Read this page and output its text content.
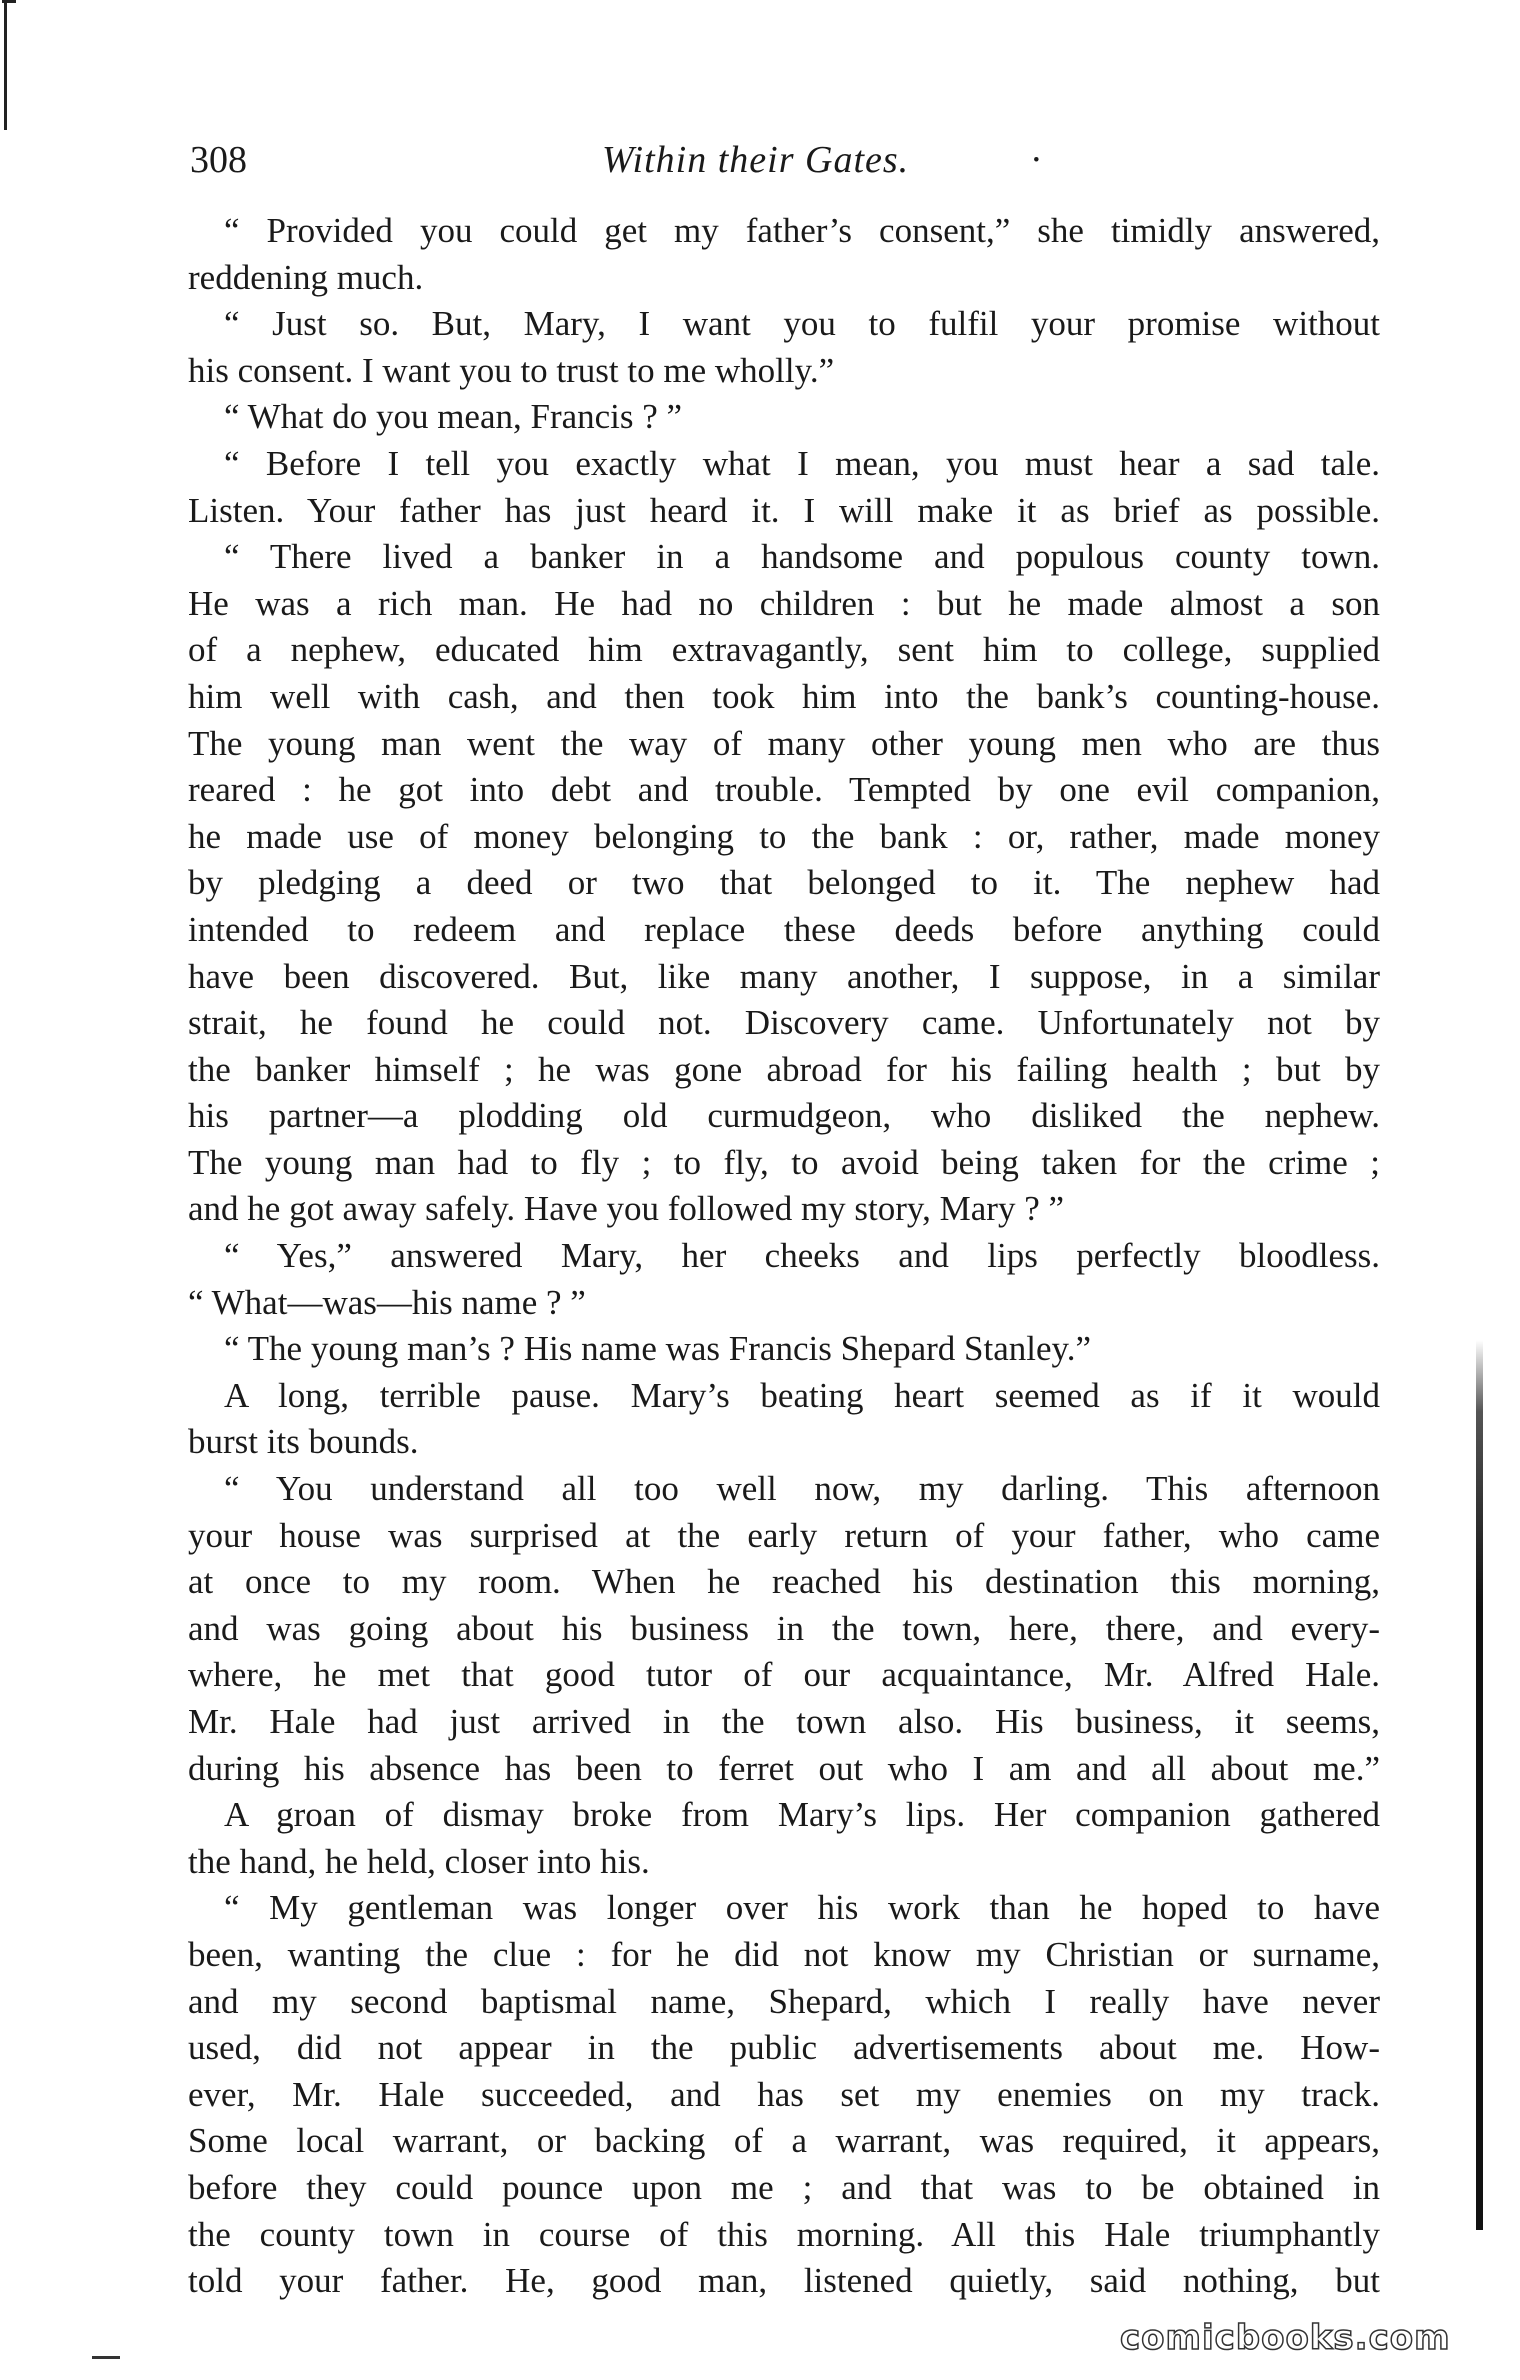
308	Within their Gates.	·
“ Provided you could get my father’s consent,” she timidly answered,
reddening much.
“ Just so. But, Mary, I want you to fulfil your promise without
his consent. I want you to trust to me wholly.”
“ What do you mean, Francis ? ”
“ Before I tell you exactly what I mean, you must hear a sad tale.
Listen. Your father has just heard it. I will make it as brief as possible.
“ There lived a banker in a handsome and populous county town.
He was a rich man. He had no children : but he made almost a son
of a nephew, educated him extravagantly, sent him to college, supplied
him well with cash, and then took him into the bank’s counting-house.
The young man went the way of many other young men who are thus
reared : he got into debt and trouble. Tempted by one evil companion,
he made use of money belonging to the bank : or, rather, made money
by pledging a deed or two that belonged to it. The nephew had
intended to redeem and replace these deeds before anything could
have been discovered. But, like many another, I suppose, in a similar
strait, he found he could not. Discovery came. Unfortunately not by
the banker himself ; he was gone abroad for his failing health ; but by
his partner—a plodding old curmudgeon, who disliked the nephew.
The young man had to fly ; to fly, to avoid being taken for the crime ;
and he got away safely. Have you followed my story, Mary ? ”
“ Yes,” answered Mary, her cheeks and lips perfectly bloodless.
“ What—was—his name ? ”
“ The young man’s ? His name was Francis Shepard Stanley.”
A long, terrible pause. Mary’s beating heart seemed as if it would
burst its bounds.
“ You understand all too well now, my darling. This afternoon
your house was surprised at the early return of your father, who came
at once to my room. When he reached his destination this morning,
and was going about his business in the town, here, there, and every-
where, he met that good tutor of our acquaintance, Mr. Alfred Hale.
Mr. Hale had just arrived in the town also. His business, it seems,
during his absence has been to ferret out who I am and all about me.”
A groan of dismay broke from Mary’s lips. Her companion gathered
the hand, he held, closer into his.
“ My gentleman was longer over his work than he hoped to have
been, wanting the clue : for he did not know my Christian or surname,
and my second baptismal name, Shepard, which I really have never
used, did not appear in the public advertisements about me. How-
ever, Mr. Hale succeeded, and has set my enemies on my track.
Some local warrant, or backing of a warrant, was required, it appears,
before they could pounce upon me ; and that was to be obtained in
the county town in course of this morning. All this Hale triumphantly
told your father. He, good man, listened quietly, said nothing, but
comicbooks.com
